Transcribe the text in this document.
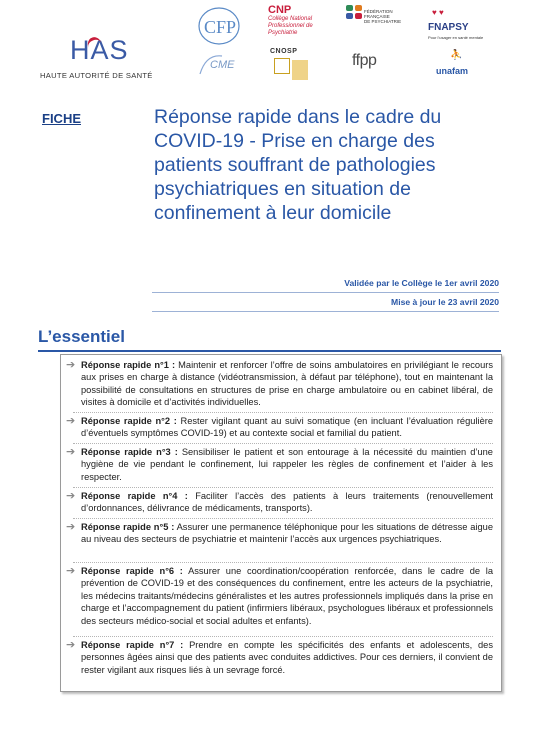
HAS
HAUTE AUTORITÉ DE SANTÉ
CFP
CNP
Collège National
Professionnel de
Psychiatrie
FÉDÉRATION
FRANÇAISE
DE PSYCHIATRIE
♥ ♥
FNAPSY
Pour l'usager en santé mentale
CME
CNOSP
ffpp	⛹
unafam
FICHE	Réponse rapide dans le cadre du COVID-19 - Prise en charge des patients souffrant de pathologies psychiatriques en situation de confinement à leur domicile
Validée par le Collège le 1er avril 2020
Mise à jour le 23 avril 2020
L’essentiel
➔ Réponse rapide n°1 : Maintenir et renforcer l’offre de soins ambulatoires en privilégiant le recours aux prises en charge à distance (vidéotransmission, à défaut par téléphone), tout en maintenant la possibilité de consultations en structures de prise en charge ambulatoire ou en cabinet libéral, de visites à domicile et d’activités individuelles.
➔ Réponse rapide n°2 : Rester vigilant quant au suivi somatique (en incluant l’évaluation régulière d’éventuels symptômes COVID-19) et au contexte social et familial du patient.
➔ Réponse rapide n°3 : Sensibiliser le patient et son entourage à la nécessité du maintien d’une hygiène de vie pendant le confinement, lui rappeler les règles de confinement et l’aider à les respecter.
➔ Réponse rapide n°4 : Faciliter l’accès des patients à leurs traitements (renouvellement d’ordonnances, délivrance de médicaments, transports).
➔ Réponse rapide n°5 : Assurer une permanence téléphonique pour les situations de détresse aigue au niveau des secteurs de psychiatrie et maintenir l’accès aux urgences psychiatriques.
➔ Réponse rapide n°6 : Assurer une coordination/coopération renforcée, dans le cadre de la prévention de COVID-19 et des conséquences du confinement, entre les acteurs de la psychiatrie, les médecins traitants/médecins généralistes et les autres professionnels impliqués dans la prise en charge et l’accompagnement du patient (infirmiers libéraux, psychologues libéraux et professionnels des secteurs médico-social et social adultes et enfants).
➔ Réponse rapide n°7 : Prendre en compte les spécificités des enfants et adolescents, des personnes âgées ainsi que des patients avec conduites addictives. Pour ces derniers, il convient de rester vigilant aux risques liés à un sevrage forcé.
